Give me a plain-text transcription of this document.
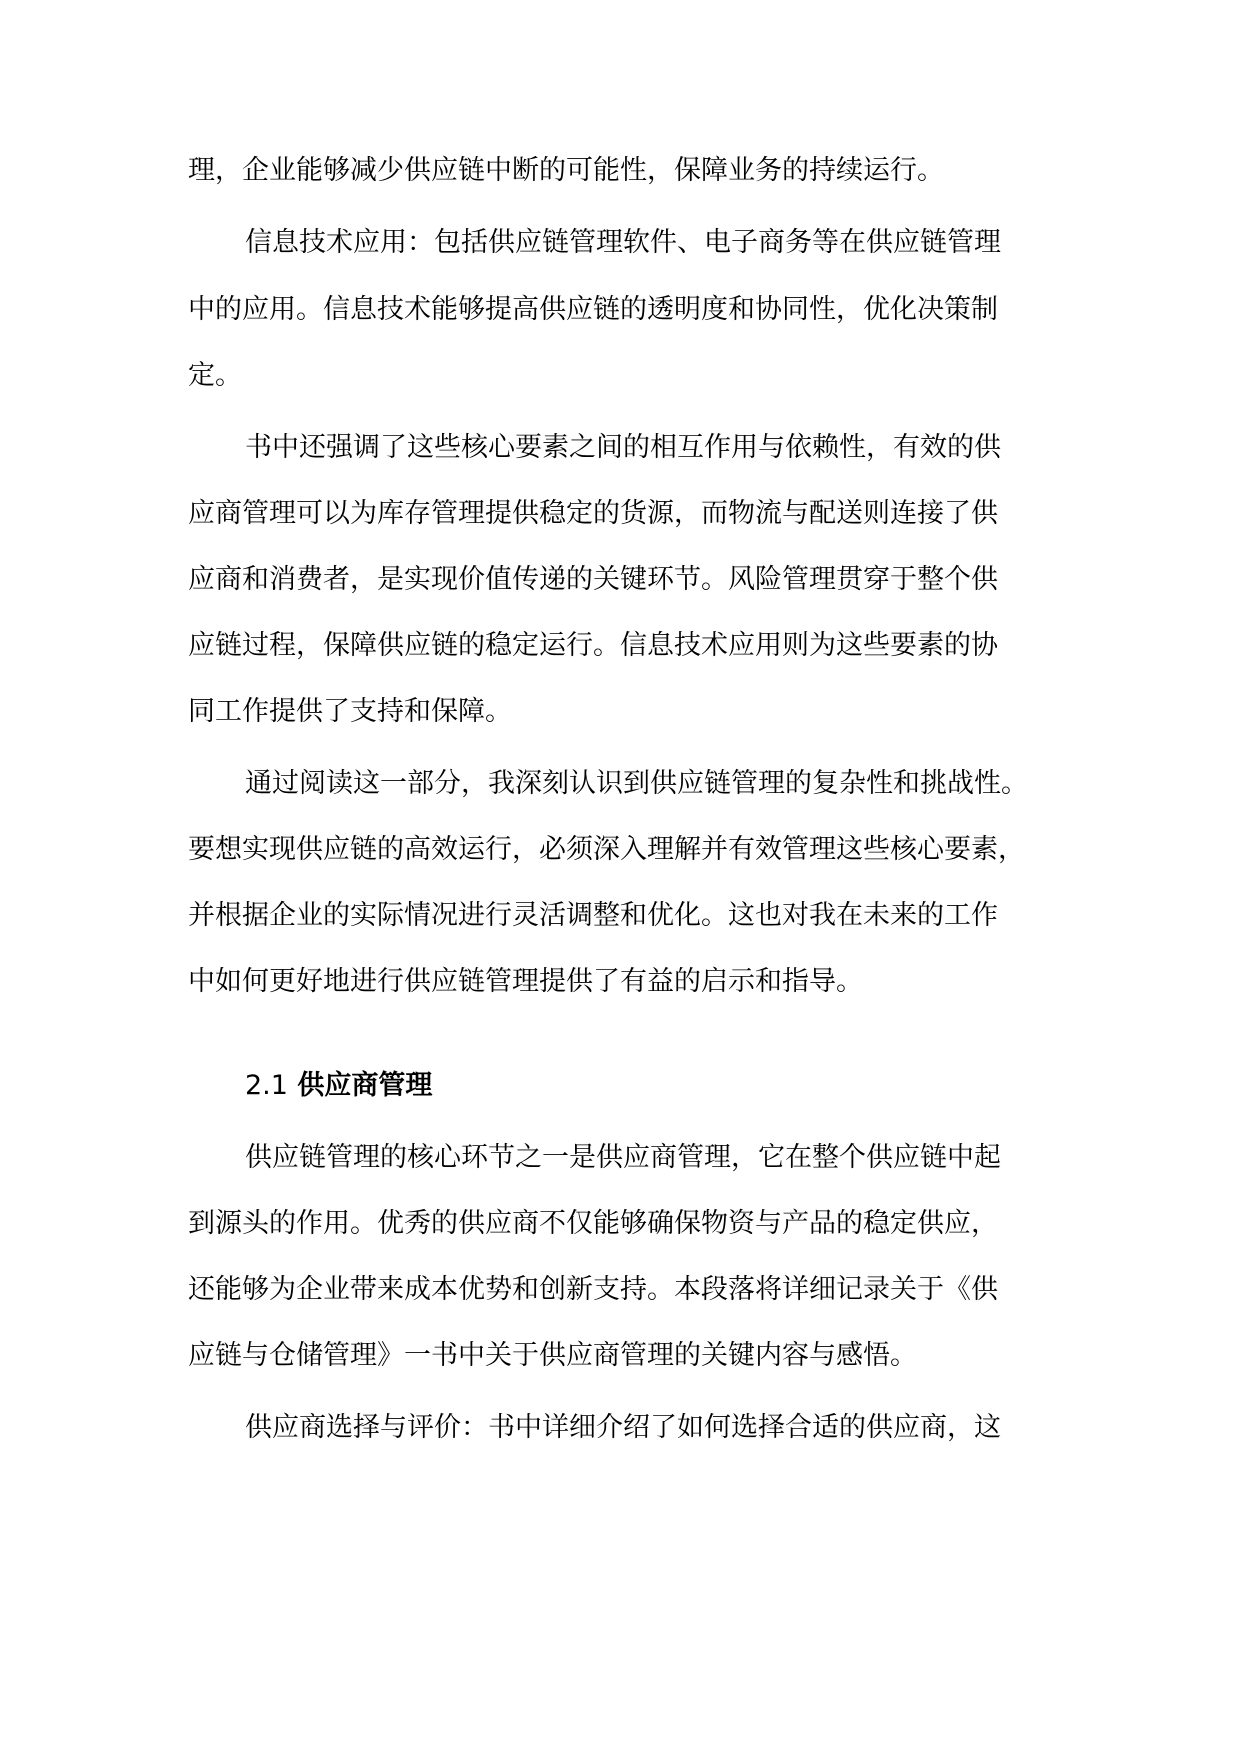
理，企业能够减少供应链中断的可能性，保障业务的持续运行。
信息技术应用：包括供应链管理软件、电子商务等在供应链管理
中的应用。信息技术能够提高供应链的透明度和协同性，优化决策制
定。
书中还强调了这些核心要素之间的相互作用与依赖性，有效的供
应商管理可以为库存管理提供稳定的货源，而物流与配送则连接了供
应商和消费者，是实现价值传递的关键环节。风险管理贯穿于整个供
应链过程，保障供应链的稳定运行。信息技术应用则为这些要素的协
同工作提供了支持和保障。
通过阅读这一部分，我深刻认识到供应链管理的复杂性和挑战性。
要想实现供应链的高效运行，必须深入理解并有效管理这些核心要素，
并根据企业的实际情况进行灵活调整和优化。这也对我在未来的工作
中如何更好地进行供应链管理提供了有益的启示和指导。
2.1 供应商管理
供应链管理的核心环节之一是供应商管理，它在整个供应链中起
到源头的作用。优秀的供应商不仅能够确保物资与产品的稳定供应，
还能够为企业带来成本优势和创新支持。本段落将详细记录关于《供
应链与仓储管理》一书中关于供应商管理的关键内容与感悟。
供应商选择与评价：书中详细介绍了如何选择合适的供应商，这
